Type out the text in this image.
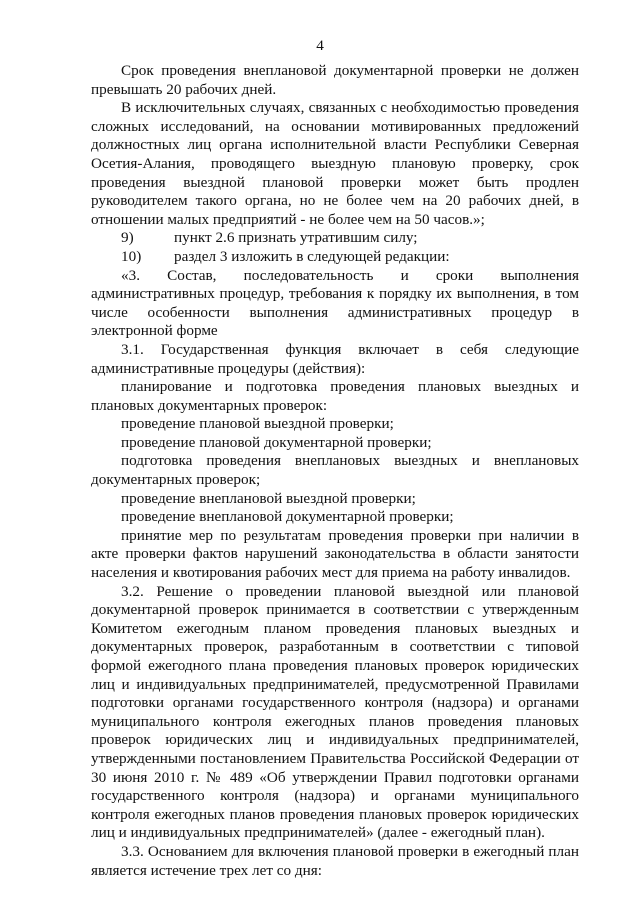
4

Срок проведения внеплановой документарной проверки не должен превышать 20 рабочих дней.

В исключительных случаях, связанных с необходимостью проведения сложных исследований, на основании мотивированных предложений должностных лиц органа исполнительной власти Республики Северная Осетия-Алания, проводящего выездную плановую проверку, срок проведения выездной плановой проверки может быть продлен руководителем такого органа, но не более чем на 20 рабочих дней, в отношении малых предприятий - не более чем на 50 часов.»;

9)	пункт 2.6 признать утратившим силу;
10)	раздел 3 изложить в следующей редакции:

«3. Состав, последовательность и сроки выполнения административных процедур, требования к порядку их выполнения, в том числе особенности выполнения административных процедур в электронной форме

3.1. Государственная функция включает в себя следующие административные процедуры (действия):

планирование и подготовка проведения плановых выездных и плановых документарных проверок:

проведение плановой выездной проверки;

проведение плановой документарной проверки;

подготовка проведения внеплановых выездных и внеплановых документарных проверок;

проведение внеплановой выездной проверки;

проведение внеплановой документарной проверки;

принятие мер по результатам проведения проверки при наличии в акте проверки фактов нарушений законодательства в области занятости населения и квотирования рабочих мест для приема на работу инвалидов.

3.2. Решение о проведении плановой выездной или плановой документарной проверок принимается в соответствии с утвержденным Комитетом ежегодным планом проведения плановых выездных и документарных проверок, разработанным в соответствии с типовой формой ежегодного плана проведения плановых проверок юридических лиц и индивидуальных предпринимателей, предусмотренной Правилами подготовки органами государственного контроля (надзора) и органами муниципального контроля ежегодных планов проведения плановых проверок юридических лиц и индивидуальных предпринимателей, утвержденными постановлением Правительства Российской Федерации от 30 июня 2010 г. № 489 «Об утверждении Правил подготовки органами государственного контроля (надзора) и органами муниципального контроля ежегодных планов проведения плановых проверок юридических лиц и индивидуальных предпринимателей» (далее - ежегодный план).

3.3. Основанием для включения плановой проверки в ежегодный план является истечение трех лет со дня:
